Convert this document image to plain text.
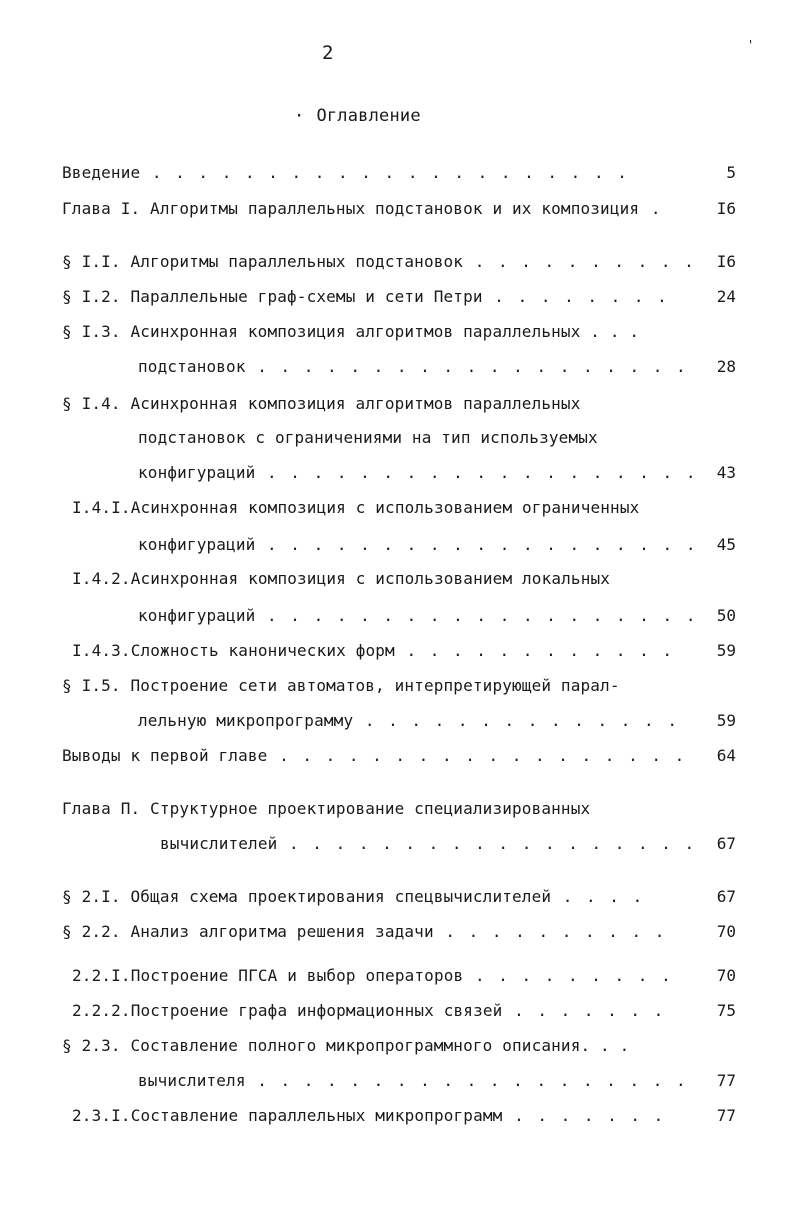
2	'
· Оглавление
Введение . . . . . . . . . . . . . . . . . . . . .	5
Глава I. Алгоритмы параллельных подстановок и их композиция .	I6
§ I.I. Алгоритмы параллельных подстановок . . . . . . . . . . I6
§ I.2. Параллельные граф-схемы и сети Петри . . . . . . . .	24
§ I.3. Асинхронная композиция алгоритмов параллельных . . .
подстановок . . . . . . . . . . . . . . . . . . . 28
§ I.4. Асинхронная композиция алгоритмов параллельных
подстановок с ограничениями на тип используемых
конфигураций . . . . . . . . . . . . . . . . . . . 43
I.4.I.Асинхронная композиция с использованием ограниченных
конфигураций . . . . . . . . . . . . . . . . . . . 45
I.4.2.Асинхронная композиция с использованием локальных
конфигураций . . . . . . . . . . . . . . . . . . . 50
I.4.3.Сложность канонических форм . . . . . . . . . . . .	59
§ I.5. Построение сети автоматов, интерпретирующей парал-
лельную микропрограмму . . . . . . . . . . . . . . 59
Выводы к первой главе . . . . . . . . . . . . . . . . . . 64
Глава П. Структурное проектирование специализированных
вычислителей . . . . . . . . . . . . . . . . . . 67
§ 2.I. Общая схема проектирования спецвычислителей . . . .	67
§ 2.2. Анализ алгоритма решения задачи . . . . . . . . . .	70
2.2.I.Построение ПГСА и выбор операторов . . . . . . . . .	70
2.2.2.Построение графа информационных связей . . . . . . .	75
§ 2.3. Составление полного микропрограммного описания. . .
вычислителя . . . . . . . . . . . . . . . . . . . 77
2.3.I.Составление параллельных микропрограмм . . . . . . .	77
